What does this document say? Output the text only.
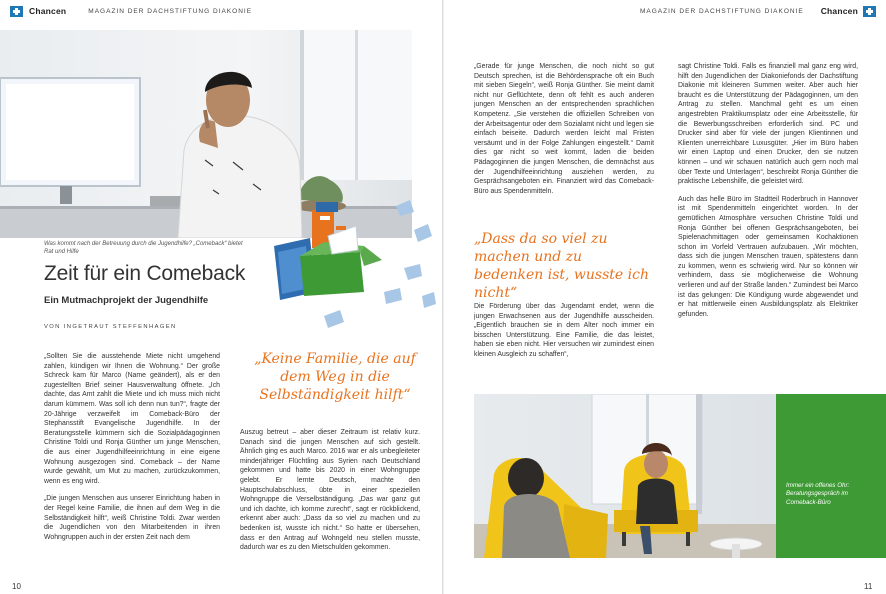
Chancen	MAGAZIN DER DACHSTIFTUNG DIAKONIE	MAGAZIN DER DACHSTIFTUNG DIAKONIE Chancen
Was kommt nach der Betreuung durch die Jugendhilfe? „Comeback“ bietet Rat und Hilfe
Zeit für ein Comeback
Ein Mutmachprojekt der Jugendhilfe
VON INGETRAUT STEFFENHAGEN

„Sollten Sie die ausstehende Miete nicht umgehend zahlen, kündigen wir Ihnen die Wohnung.“ Der große Schreck kam für Marco (Name geändert), als er den zugestellten Brief seiner Hausverwaltung öffnete. „Ich dachte, das Amt zahlt die Miete und ich muss mich nicht darum kümmern. Was soll ich denn nun tun?“, fragte der 20-Jährige verzweifelt im Comeback-Büro der Stephansstift Evangelische Jugendhilfe. In der Beratungsstelle kümmern sich die Sozialpädagoginnen Christine Toldi und Ronja Günther um junge Menschen, die aus einer Jugendhilfeeinrichtung in eine eigene Wohnung ausgezogen sind. Comeback – der Name wurde gewählt, um Mut zu machen, zurückzukommen, wenn es eng wird.

„Die jungen Menschen aus unserer Einrichtung haben in der Regel keine Familie, die ihnen auf dem Weg in die Selbständigkeit hilft“, weiß Christine Toldi. Zwar werden die Jugendlichen von den Mitarbeitenden in ihren Wohngruppen auch in der ersten Zeit nach dem

„Keine Familie, die auf dem Weg in die Selbständigkeit hilft“

Auszug betreut – aber dieser Zeitraum ist relativ kurz. Danach sind die jungen Menschen auf sich gestellt. Ähnlich ging es auch Marco. 2016 war er als unbegleiteter minderjähriger Flüchtling aus Syrien nach Deutschland gekommen und hatte bis 2020 in einer Wohngruppe gelebt. Er lernte Deutsch, machte den Hauptschulabschluss, übte in einer speziellen Wohngruppe die Verselbständigung. „Das war ganz gut und ich dachte, ich komme zurecht“, sagt er rückblickend, erkennt aber auch: „Dass da so viel zu machen und zu bedenken ist, wusste ich nicht.“ So hatte er übersehen, dass er den Antrag auf Wohngeld neu stellen musste, dadurch war es zu den Mietschulden gekommen.

10

„Gerade für junge Menschen, die noch nicht so gut Deutsch sprechen, ist die Behördensprache oft ein Buch mit sieben Siegeln“, weiß Ronja Günther. Sie meint damit nicht nur Geflüchtete, denn oft fehlt es auch anderen jungen Menschen an der entsprechenden sprachlichen Kompetenz. „Sie verstehen die offiziellen Schreiben von der Arbeitsagentur oder dem Sozialamt nicht und legen sie einfach beiseite. Dadurch werden leicht mal Fristen versäumt und in der Folge Zahlungen eingestellt.“ Damit dies gar nicht so weit kommt, laden die beiden Pädagoginnen die jungen Menschen, die demnächst aus der Jugendhilfeeinrichtung ausziehen werden, zu Gesprächsangeboten ein. Finanziert wird das Comeback-Büro aus Spendenmitteln.

„Dass da so viel zu machen und zu bedenken ist, wusste ich nicht“

Die Förderung über das Jugendamt endet, wenn die jungen Erwachsenen aus der Jugendhilfe ausscheiden. „Eigentlich brauchen sie in dem Alter noch immer ein bisschen Unterstützung. Eine Familie, die das leistet, haben sie eben nicht. Hier versuchen wir zumindest einen kleinen Ausgleich zu schaffen“,

sagt Christine Toldi. Falls es finanziell mal ganz eng wird, hilft den Jugendlichen der Diakoniefonds der Dachstiftung Diakonie mit kleineren Summen weiter. Aber auch hier braucht es die Unterstützung der Pädagoginnen, um den Antrag zu stellen. Manchmal geht es um einen angestrebten Praktikumsplatz oder eine Arbeitsstelle, für die Bewerbungsschreiben erforderlich sind. PC und Drucker sind aber für viele der jungen Klientinnen und Klienten unerreichbare Luxusgüter. „Hier im Büro haben wir einen Laptop und einen Drucker, den sie nutzen können – und wir schauen natürlich auch gern noch mal über Texte und Unterlagen“, beschreibt Ronja Günther die praktische Lebenshilfe, die geleistet wird.

Auch das helle Büro im Stadtteil Roderbruch in Hannover ist mit Spendenmitteln eingerichtet worden. In der gemütlichen Atmosphäre versuchen Christine Toldi und Ronja Günther bei offenen Gesprächsangeboten, bei Spielenachmittagen oder gemeinsamen Kochaktionen schon im Vorfeld Vertrauen aufzubauen. „Wir möchten, dass sich die jungen Menschen trauen, spätestens dann zu kommen, wenn es schwierig wird. Nur so können wir verhindern, dass sie möglicherweise die Wohnung verlieren und auf der Straße landen.“ Zumindest bei Marco ist das gelungen: Die Kündigung wurde abgewendet und er hat mittlerweile einen Ausbildungsplatz als Elektriker gefunden.

Immer ein offenes Ohr: Beratungsgespräch im Comeback-Büro
11
